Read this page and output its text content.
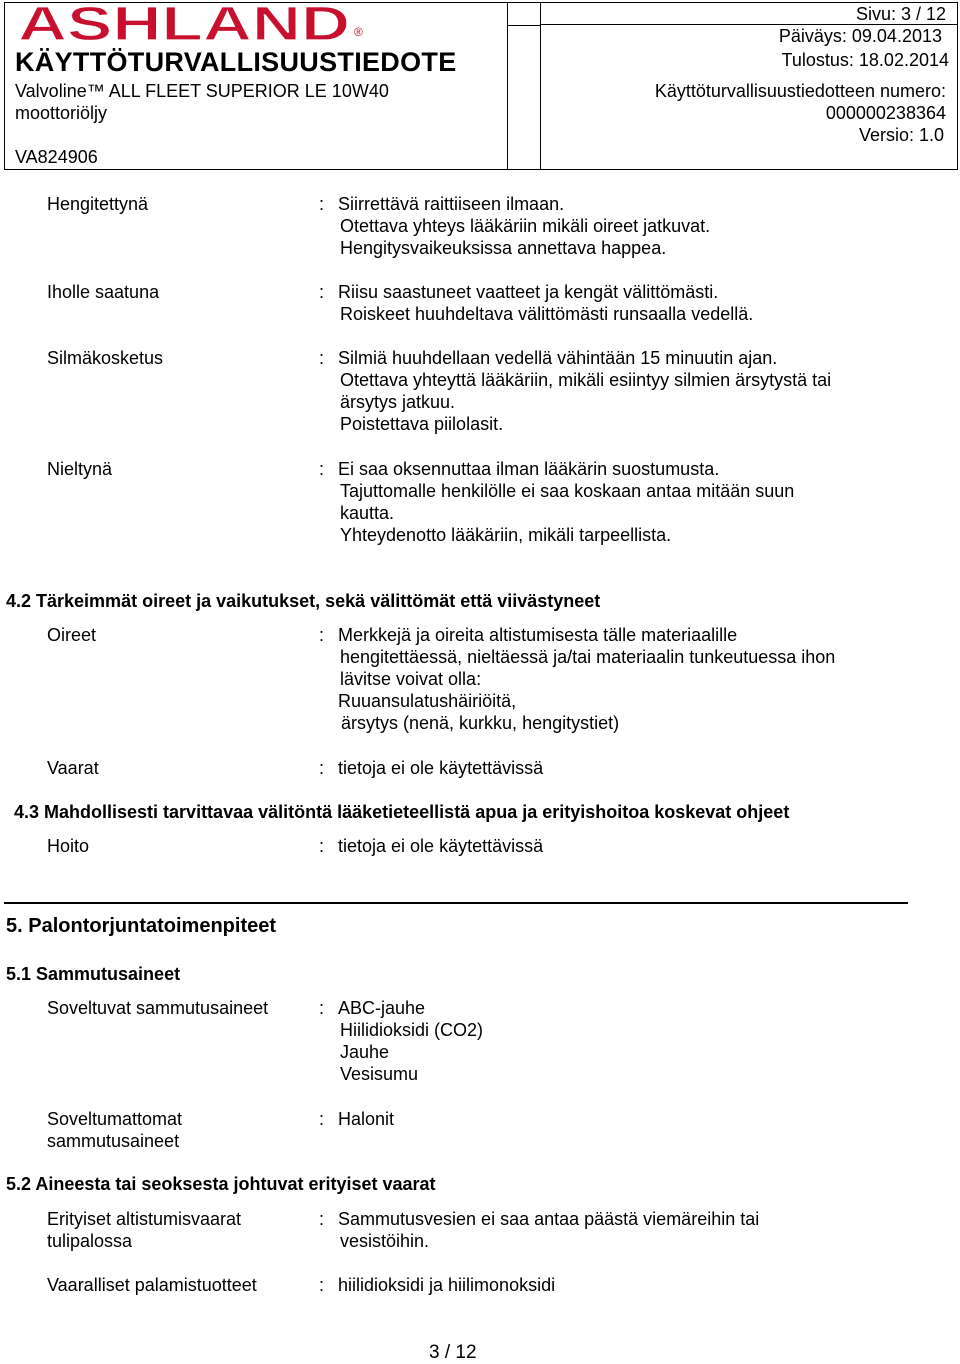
ASHLAND ®
KÄYTTÖTURVALLISUUSTIEDOTE
Valvoline™ ALL FLEET SUPERIOR LE 10W40
moottoriöljy
VA824906
Sivu: 3 / 12
Päiväys: 09.04.2013
Tulostus: 18.02.2014
Käyttöturvallisuustiedotteen numero:
000000238364
Versio: 1.0
Hengitettynä	: Siirrettävä raittiiseen ilmaan.
Otettava yhteys lääkäriin mikäli oireet jatkuvat.
Hengitysvaikeuksissa annettava happea.
Iholle saatuna	: Riisu saastuneet vaatteet ja kengät välittömästi.
Roiskeet huuhdeltava välittömästi runsaalla vedellä.
Silmäkosketus	: Silmiä huuhdellaan vedellä vähintään 15 minuutin ajan.
Otettava yhteyttä lääkäriin, mikäli esiintyy silmien ärsytystä tai
ärsytys jatkuu.
Poistettava piilolasit.
Nieltynä	: Ei saa oksennuttaa ilman lääkärin suostumusta.
Tajuttomalle henkilölle ei saa koskaan antaa mitään suun
kautta.
Yhteydenotto lääkäriin, mikäli tarpeellista.
4.2 Tärkeimmät oireet ja vaikutukset, sekä välittömät että viivästyneet
Oireet	: Merkkejä ja oireita altistumisesta tälle materiaalille
hengitettäessä, nieltäessä ja/tai materiaalin tunkeutuessa ihon
lävitse voivat olla:
Ruuansulatushäiriöitä,
ärsytys (nenä, kurkku, hengitystiet)
Vaarat	: tietoja ei ole käytettävissä
4.3 Mahdollisesti tarvittavaa välitöntä lääketieteellistä apua ja erityishoitoa koskevat ohjeet
Hoito	: tietoja ei ole käytettävissä
5. Palontorjuntatoimenpiteet
5.1 Sammutusaineet
Soveltuvat sammutusaineet	: ABC-jauhe
Hiilidioksidi (CO2)
Jauhe
Vesisumu
Soveltumattomat
sammutusaineet
: Halonit
5.2 Aineesta tai seoksesta johtuvat erityiset vaarat
Erityiset altistumisvaarat
tulipalossa
: Sammutusvesien ei saa antaa päästä viemäreihin tai
vesistöihin.
Vaaralliset palamistuotteet	: hiilidioksidi ja hiilimonoksidi
3 / 12
